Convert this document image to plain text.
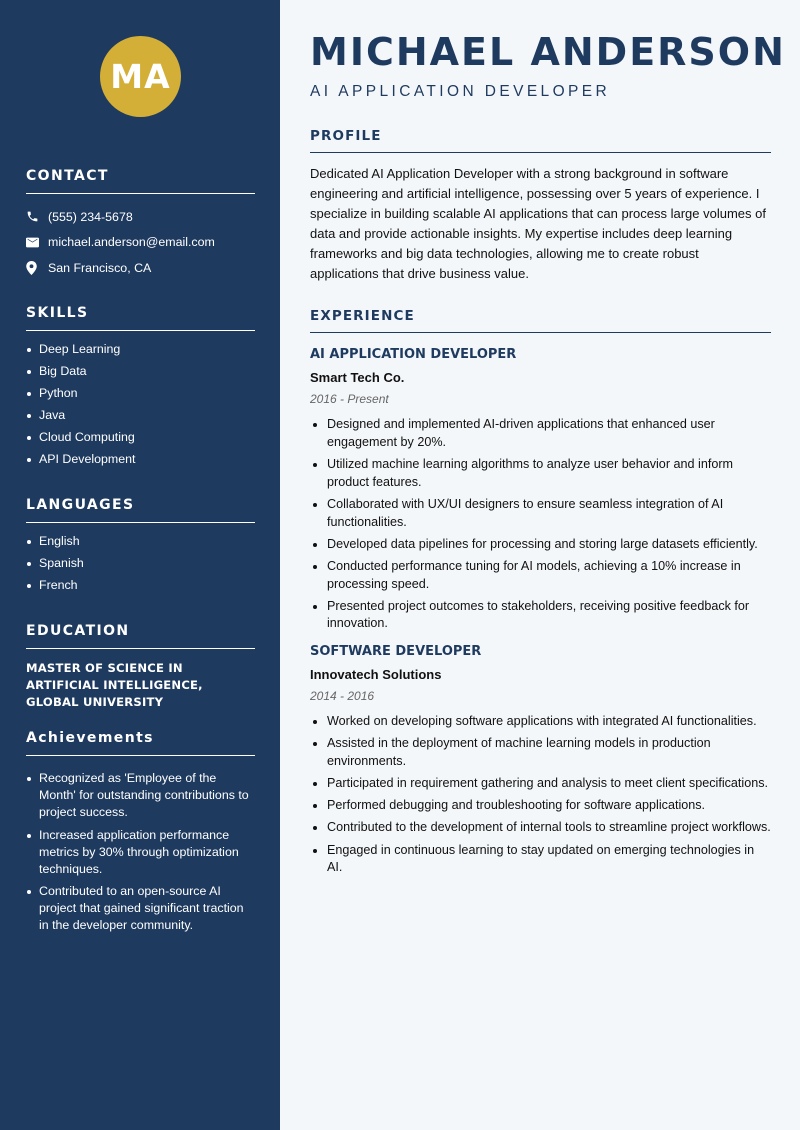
MA
CONTACT
(555) 234-5678
michael.anderson@email.com
San Francisco, CA
SKILLS
Deep Learning
Big Data
Python
Java
Cloud Computing
API Development
LANGUAGES
English
Spanish
French
EDUCATION
MASTER OF SCIENCE IN ARTIFICIAL INTELLIGENCE, GLOBAL UNIVERSITY
Achievements
Recognized as 'Employee of the Month' for outstanding contributions to project success.
Increased application performance metrics by 30% through optimization techniques.
Contributed to an open-source AI project that gained significant traction in the developer community.
MICHAEL ANDERSON
AI APPLICATION DEVELOPER
PROFILE
Dedicated AI Application Developer with a strong background in software engineering and artificial intelligence, possessing over 5 years of experience. I specialize in building scalable AI applications that can process large volumes of data and provide actionable insights. My expertise includes deep learning frameworks and big data technologies, allowing me to create robust applications that drive business value.
EXPERIENCE
AI APPLICATION DEVELOPER
Smart Tech Co.
2016 - Present
Designed and implemented AI-driven applications that enhanced user engagement by 20%.
Utilized machine learning algorithms to analyze user behavior and inform product features.
Collaborated with UX/UI designers to ensure seamless integration of AI functionalities.
Developed data pipelines for processing and storing large datasets efficiently.
Conducted performance tuning for AI models, achieving a 10% increase in processing speed.
Presented project outcomes to stakeholders, receiving positive feedback for innovation.
SOFTWARE DEVELOPER
Innovatech Solutions
2014 - 2016
Worked on developing software applications with integrated AI functionalities.
Assisted in the deployment of machine learning models in production environments.
Participated in requirement gathering and analysis to meet client specifications.
Performed debugging and troubleshooting for software applications.
Contributed to the development of internal tools to streamline project workflows.
Engaged in continuous learning to stay updated on emerging technologies in AI.
